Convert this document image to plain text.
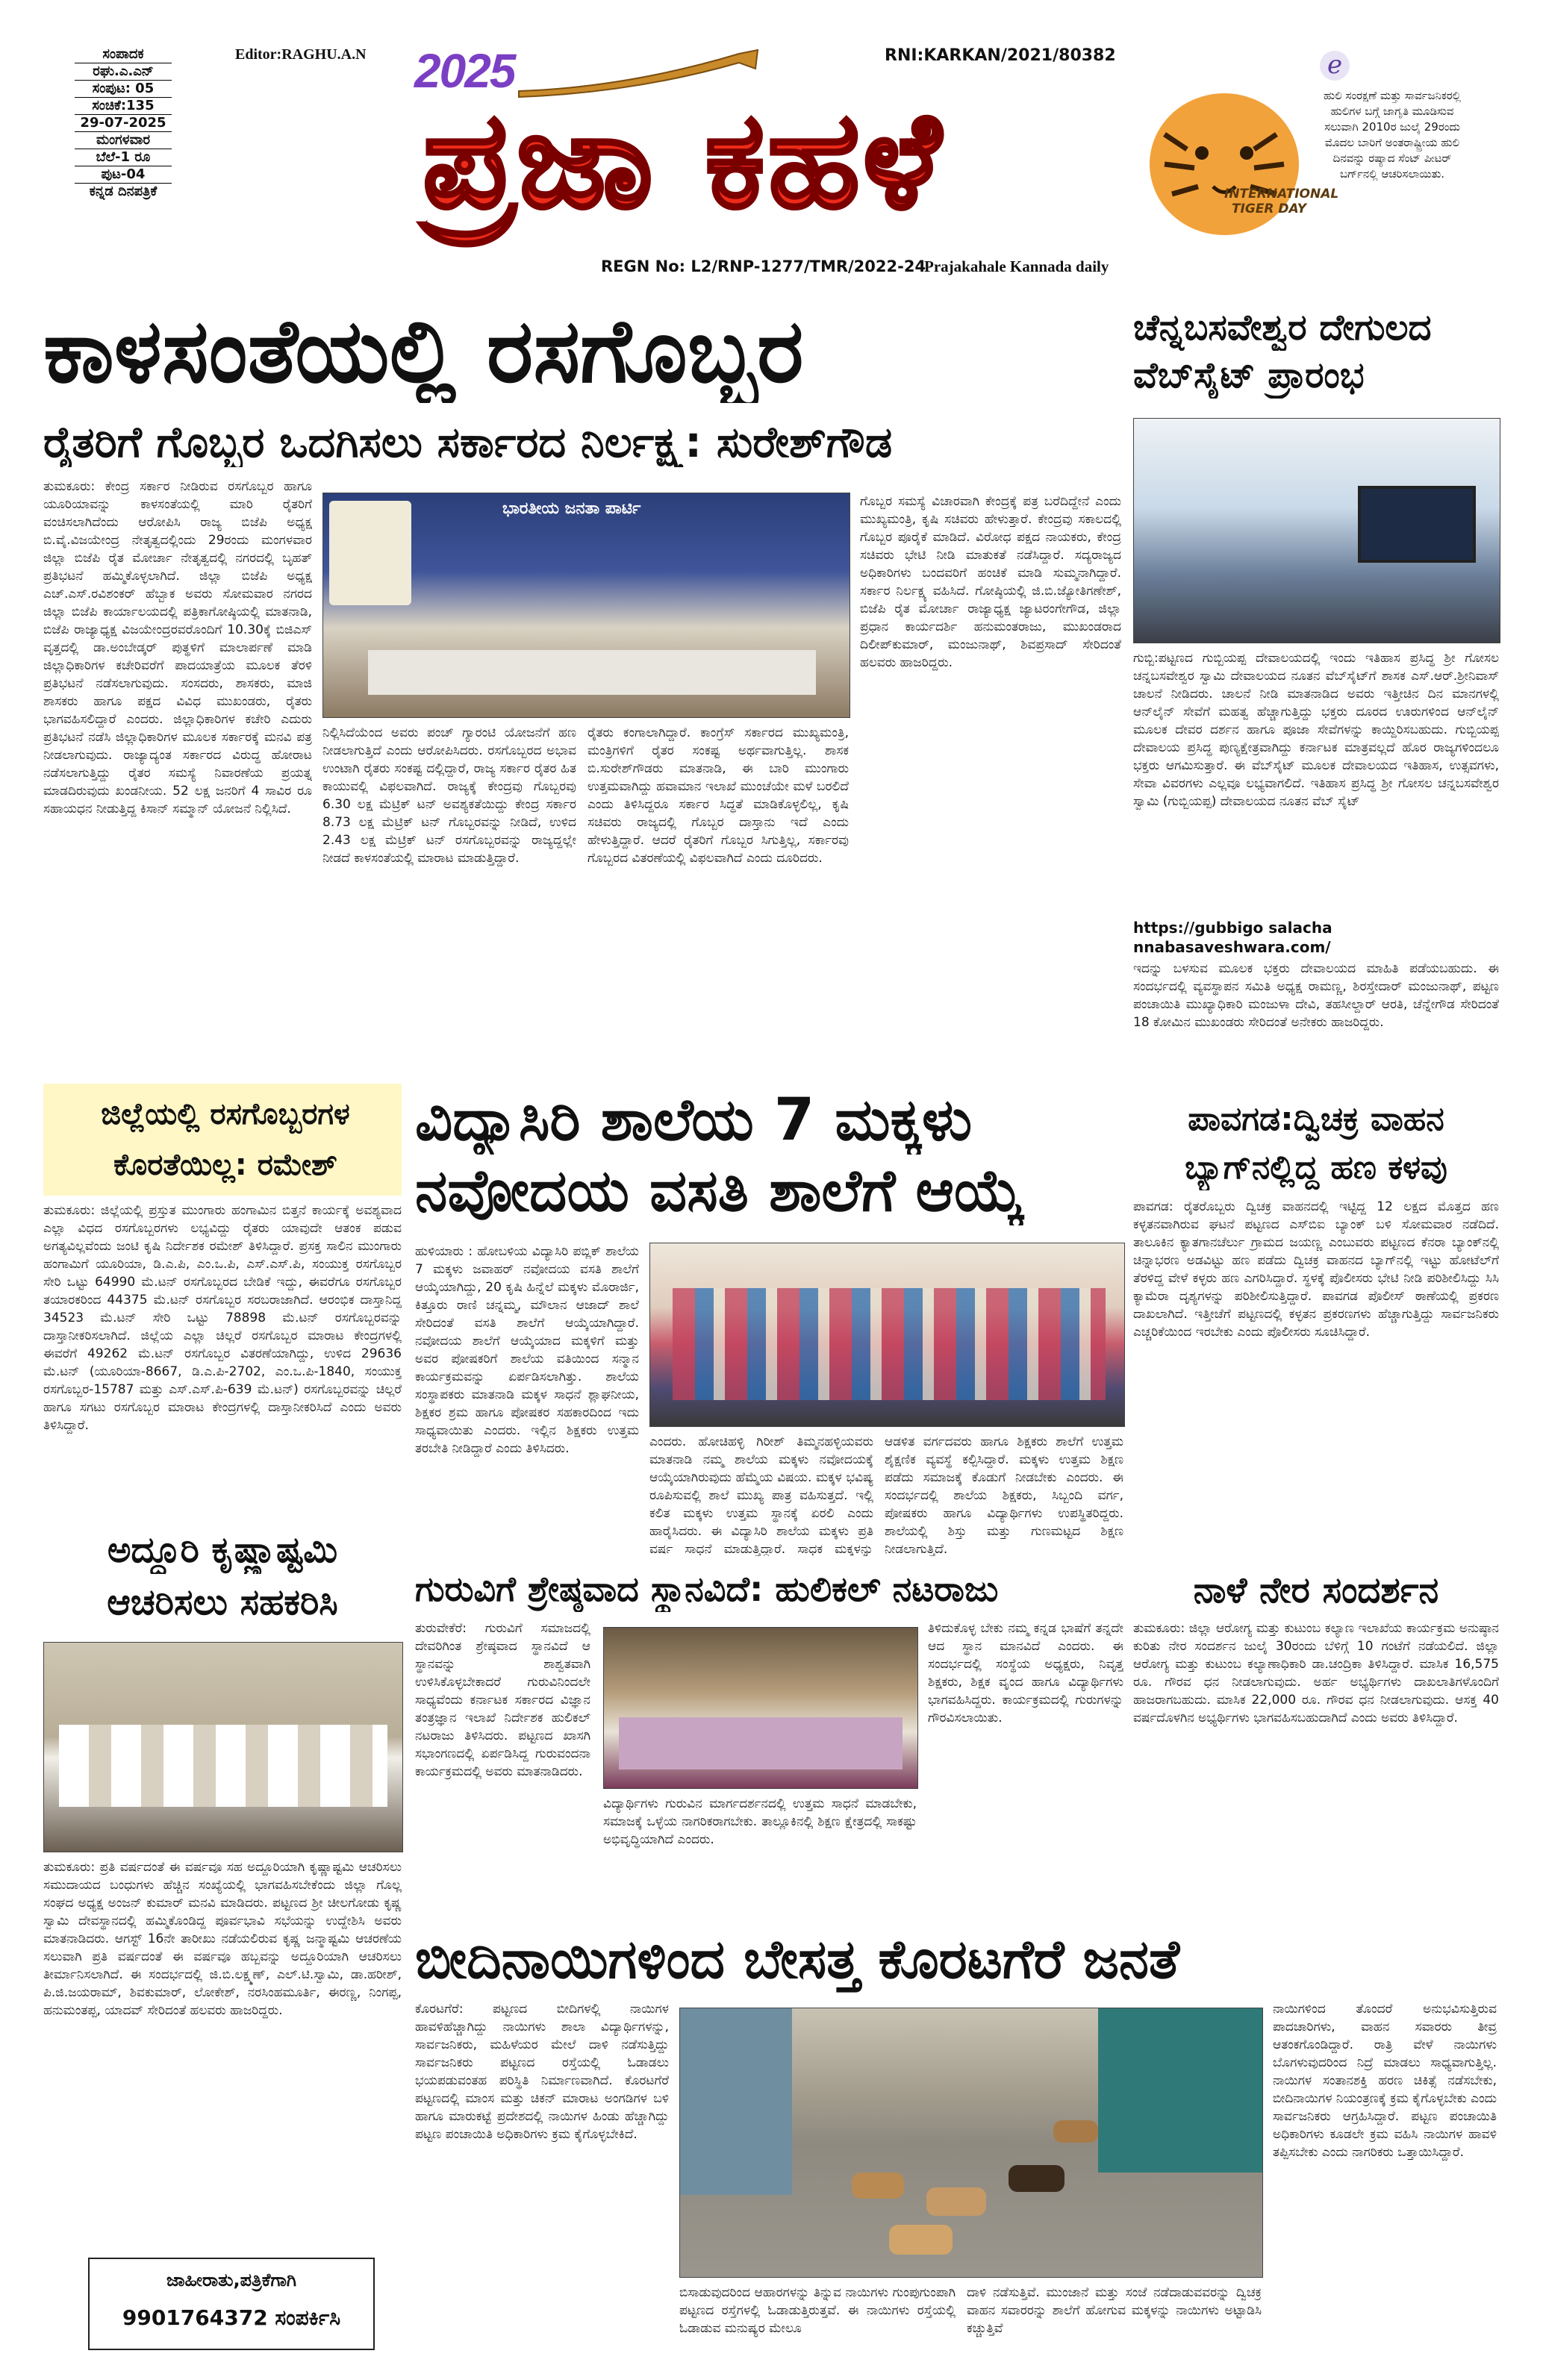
ಸಂಪಾದಕ
ರಘು.ಎ.ಎನ್
ಸಂಪುಟ: 05
ಸಂಚಿಕೆ:135
29-07-2025
ಮಂಗಳವಾರ
ಬೆಲೆ-1 ರೂ
ಪುಟ-04
ಕನ್ನಡ ದಿನಪತ್ರಿಕೆ
Editor:RAGHU.A.N 2025
ಪ್ರಜಾ ಕಹಳೆ
RNI:KARKAN/2021/80382
REGN No: L2/RNP-1277/TMR/2022-24
Prajakahale Kannada daily
e
INTERNATIONAL TIGER DAY
ಹುಲಿ ಸಂರಕ್ಷಣೆ ಮತ್ತು ಸಾರ್ವಜನಿಕರಲ್ಲಿ ಹುಲಿಗಳ ಬಗ್ಗೆ ಜಾಗೃತಿ ಮೂಡಿಸುವ ಸಲುವಾಗಿ 2010ರ ಜುಲೈ 29ರಂದು ಮೊದಲ ಬಾರಿಗೆ ಅಂತರಾಷ್ಟ್ರೀಯ ಹುಲಿ ದಿನವನ್ನು ರಷ್ಯಾದ ಸೆಂಟ್ ಪೀಟರ್ ಬರ್ಗ್‌ನಲ್ಲಿ ಆಚರಿಸಲಾಯಿತು.
ಕಾಳಸಂತೆಯಲ್ಲಿ ರಸಗೊಬ್ಬರ
ರೈತರಿಗೆ ಗೊಬ್ಬರ ಒದಗಿಸಲು ಸರ್ಕಾರದ ನಿರ್ಲಕ್ಷ್ಯ: ಸುರೇಶ್‌ಗೌಡ
ತುಮಕೂರು: ಕೇಂದ್ರ ಸರ್ಕಾರ ನೀಡಿರುವ ರಸಗೊಬ್ಬರ ಹಾಗೂ ಯೂರಿಯಾವನ್ನು ಕಾಳಸಂತೆಯಲ್ಲಿ ಮಾರಿ ರೈತರಿಗೆ ವಂಚಿಸಲಾಗಿದೆಂದು ಆರೋಪಿಸಿ ರಾಜ್ಯ ಬಿಜೆಪಿ ಅಧ್ಯಕ್ಷ ಬಿ.ವೈ.ವಿಜಯೇಂದ್ರ ನೇತೃತ್ವದಲ್ಲಿಂದು 29ರಂದು ಮಂಗಳವಾರ ಜಿಲ್ಲಾ ಬಿಜೆಪಿ ರೈತ ಮೋರ್ಚಾ ನೇತೃತ್ವದಲ್ಲಿ ನಗರದಲ್ಲಿ ಬೃಹತ್ ಪ್ರತಿಭಟನೆ ಹಮ್ಮಿಕೊಳ್ಳಲಾಗಿದೆ. ಜಿಲ್ಲಾ ಬಿಜೆಪಿ ಅಧ್ಯಕ್ಷ ಎಚ್.ಎಸ್.ರವಿಶಂಕರ್ ಹೆಬ್ಬಾಕ ಅವರು ಸೋಮವಾರ ನಗರದ ಜಿಲ್ಲಾ ಬಿಜೆಪಿ ಕಾರ್ಯಾಲಯದಲ್ಲಿ ಪತ್ರಿಕಾಗೋಷ್ಠಿಯಲ್ಲಿ ಮಾತನಾಡಿ, ಬಿಜೆಪಿ ರಾಜ್ಯಾಧ್ಯಕ್ಷ ವಿಜಯೇಂದ್ರರವರೊಂದಿಗೆ 10.30ಕ್ಕೆ ಬಿಜಿಎಸ್ ವೃತ್ತದಲ್ಲಿ ಡಾ.ಅಂಬೇಡ್ಕರ್ ಪುತ್ಥಳಿಗೆ ಮಾಲಾರ್ಪಣೆ ಮಾಡಿ ಜಿಲ್ಲಾಧಿಕಾರಿಗಳ ಕಚೇರಿವರೆಗೆ ಪಾದಯಾತ್ರೆಯ ಮೂಲಕ ತೆರಳಿ ಪ್ರತಿಭಟನೆ ನಡೆಸಲಾಗುವುದು. ಸಂಸದರು, ಶಾಸಕರು, ಮಾಜಿ ಶಾಸಕರು ಹಾಗೂ ಪಕ್ಷದ ವಿವಿಧ ಮುಖಂಡರು, ರೈತರು ಭಾಗವಹಿಸಲಿದ್ದಾರೆ ಎಂದರು. ಜಿಲ್ಲಾಧಿಕಾರಿಗಳ ಕಚೇರಿ ಎದುರು ಪ್ರತಿಭಟನೆ ನಡೆಸಿ ಜಿಲ್ಲಾಧಿಕಾರಿಗಳ ಮೂಲಕ ಸರ್ಕಾರಕ್ಕೆ ಮನವಿ ಪತ್ರ ನೀಡಲಾಗುವುದು. ರಾಜ್ಯಾದ್ಯಂತ ಸರ್ಕಾರದ ವಿರುದ್ಧ ಹೋರಾಟ ನಡೆಸಲಾಗುತ್ತಿದ್ದು ರೈತರ ಸಮಸ್ಯೆ ನಿವಾರಣೆಯ ಪ್ರಯತ್ನ ಮಾಡದಿರುವುದು ಖಂಡನೀಯ. 52 ಲಕ್ಷ ಜನರಿಗೆ 4 ಸಾವಿರ ರೂ ಸಹಾಯಧನ ನೀಡುತ್ತಿದ್ದ ಕಿಸಾನ್ ಸಮ್ಮಾನ್ ಯೋಜನೆ ನಿಲ್ಲಿಸಿದೆ.
ಭಾರತೀಯ ಜನತಾ ಪಾರ್ಟಿ
ನಿಲ್ಲಿಸಿದೆಯೆಂದ ಅವರು ಪಂಚ್ ಗ್ಯಾರಂಟಿ ಯೋಜನೆಗೆ ಹಣ ನೀಡಲಾಗುತ್ತಿದೆ ಎಂದು ಆರೋಪಿಸಿದರು. ರಸಗೊಬ್ಬರದ ಅಭಾವ ಉಂಟಾಗಿ ರೈತರು ಸಂಕಷ್ಟ ದಲ್ಲಿದ್ದಾರೆ, ರಾಜ್ಯ ಸರ್ಕಾರ ರೈತರ ಹಿತ ಕಾಯುವಲ್ಲಿ ವಿಫಲವಾಗಿದೆ. ರಾಜ್ಯಕ್ಕೆ ಕೇಂದ್ರವು ಗೊಬ್ಬರವು 6.30 ಲಕ್ಷ ಮೆಟ್ರಿಕ್ ಟನ್ ಅವಶ್ಯಕತೆಯಿದ್ದು ಕೇಂದ್ರ ಸರ್ಕಾರ 8.73 ಲಕ್ಷ ಮೆಟ್ರಿಕ್ ಟನ್ ಗೊಬ್ಬರವನ್ನು ನೀಡಿದೆ, ಉಳಿದ 2.43 ಲಕ್ಷ ಮೆಟ್ರಿಕ್ ಟನ್ ರಸಗೊಬ್ಬರವನ್ನು ರಾಜ್ಯದ್ದಲ್ಲೇ ನೀಡದೆ ಕಾಳಸಂತೆಯಲ್ಲಿ ಮಾರಾಟ ಮಾಡುತ್ತಿದ್ದಾರೆ.
ರೈತರು ಕಂಗಾಲಾಗಿದ್ದಾರೆ. ಕಾಂಗ್ರೆಸ್ ಸರ್ಕಾರದ ಮುಖ್ಯಮಂತ್ರಿ, ಮಂತ್ರಿಗಳಿಗೆ ರೈತರ ಸಂಕಷ್ಟ ಅರ್ಥವಾಗುತ್ತಿಲ್ಲ. ಶಾಸಕ ಬಿ.ಸುರೇಶ್‌ಗೌಡರು ಮಾತನಾಡಿ, ಈ ಬಾರಿ ಮುಂಗಾರು ಉತ್ತಮವಾಗಿದ್ದು ಹವಾಮಾನ ಇಲಾಖೆ ಮುಂಚೆಯೇ ಮಳೆ ಬರಲಿದೆ ಎಂದು ತಿಳಿಸಿದ್ದರೂ ಸರ್ಕಾರ ಸಿದ್ಧತೆ ಮಾಡಿಕೊಳ್ಳಲಿಲ್ಲ, ಕೃಷಿ ಸಚಿವರು ರಾಜ್ಯದಲ್ಲಿ ಗೊಬ್ಬರ ದಾಸ್ತಾನು ಇದೆ ಎಂದು ಹೇಳುತ್ತಿದ್ದಾರೆ. ಆದರೆ ರೈತರಿಗೆ ಗೊಬ್ಬರ ಸಿಗುತ್ತಿಲ್ಲ, ಸರ್ಕಾರವು ಗೊಬ್ಬರದ ವಿತರಣೆಯಲ್ಲಿ ವಿಫಲವಾಗಿದೆ ಎಂದು ದೂರಿದರು.
ಗೊಬ್ಬರ ಸಮಸ್ಯೆ ವಿಚಾರವಾಗಿ ಕೇಂದ್ರಕ್ಕೆ ಪತ್ರ ಬರೆದಿದ್ದೇನೆ ಎಂದು ಮುಖ್ಯಮಂತ್ರಿ, ಕೃಷಿ ಸಚಿವರು ಹೇಳುತ್ತಾರೆ. ಕೇಂದ್ರವು ಸಕಾಲದಲ್ಲಿ ಗೊಬ್ಬರ ಪೂರೈಕೆ ಮಾಡಿದೆ. ವಿರೋಧ ಪಕ್ಷದ ನಾಯಕರು, ಕೇಂದ್ರ ಸಚಿವರು ಭೇಟಿ ನೀಡಿ ಮಾತುಕತೆ ನಡೆಸಿದ್ದಾರೆ. ಸದ್ಯರಾಜ್ಯದ ಅಧಿಕಾರಿಗಳು ಬಂದವರಿಗೆ ಹಂಚಿಕೆ ಮಾಡಿ ಸುಮ್ಮನಾಗಿದ್ದಾರೆ. ಸರ್ಕಾರ ನಿರ್ಲಕ್ಷ್ಯ ವಹಿಸಿದೆ. ಗೋಷ್ಠಿಯಲ್ಲಿ ಜಿ.ಬಿ.ಜ್ಯೋತಿಗಣೇಶ್, ಬಿಜೆಪಿ ರೈತ ಮೋರ್ಚಾ ರಾಜ್ಯಾಧ್ಯಕ್ಷ ಜ್ಯಾಟರಂಗೇಗೌಡ, ಜಿಲ್ಲಾ ಪ್ರಧಾನ ಕಾರ್ಯದರ್ಶಿ ಹನುಮಂತರಾಜು, ಮುಖಂಡರಾದ ದಿಲೀಪ್‌ಕುಮಾರ್, ಮಂಜುನಾಥ್, ಶಿವಪ್ರಸಾದ್ ಸೇರಿದಂತೆ ಹಲವರು ಹಾಜರಿದ್ದರು.
ಚೆನ್ನಬಸವೇಶ್ವರ ದೇಗುಲದ
ವೆಬ್‌ಸೈಟ್ ಪ್ರಾರಂಭ
ಗುಬ್ಬಿ:ಪಟ್ಟಣದ ಗುಬ್ಬಿಯಪ್ಪ ದೇವಾಲಯದಲ್ಲಿ ಇಂದು ಇತಿಹಾಸ ಪ್ರಸಿದ್ಧ ಶ್ರೀ ಗೋಸಲ ಚನ್ನಬಸವೇಶ್ವರ ಸ್ವಾಮಿ ದೇವಾಲಯದ ನೂತನ ವೆಬ್‌ಸೈಟ್‌ಗೆ ಶಾಸಕ ಎಸ್.ಆರ್.ಶ್ರೀನಿವಾಸ್ ಚಾಲನೆ ನೀಡಿದರು. ಚಾಲನೆ ನೀಡಿ ಮಾತನಾಡಿದ ಅವರು ಇತ್ತೀಚಿನ ದಿನ ಮಾನಗಳಲ್ಲಿ ಆನ್‌ಲೈನ್ ಸೇವೆಗೆ ಮಹತ್ವ ಹೆಚ್ಚಾಗುತ್ತಿದ್ದು ಭಕ್ತರು ದೂರದ ಊರುಗಳಿಂದ ಆನ್‌ಲೈನ್ ಮೂಲಕ ದೇವರ ದರ್ಶನ ಹಾಗೂ ಪೂಜಾ ಸೇವೆಗಳನ್ನು ಕಾಯ್ದಿರಿಸಬಹುದು. ಗುಬ್ಬಿಯಪ್ಪ ದೇವಾಲಯ ಪ್ರಸಿದ್ಧ ಪುಣ್ಯಕ್ಷೇತ್ರವಾಗಿದ್ದು ಕರ್ನಾಟಕ ಮಾತ್ರವಲ್ಲದೆ ಹೊರ ರಾಜ್ಯಗಳಿಂದಲೂ ಭಕ್ತರು ಆಗಮಿಸುತ್ತಾರೆ. ಈ ವೆಬ್‌ಸೈಟ್ ಮೂಲಕ ದೇವಾಲಯದ ಇತಿಹಾಸ, ಉತ್ಸವಗಳು, ಸೇವಾ ವಿವರಗಳು ಎಲ್ಲವೂ ಲಭ್ಯವಾಗಲಿದೆ. ಇತಿಹಾಸ ಪ್ರಸಿದ್ಧ ಶ್ರೀ ಗೋಸಲ ಚನ್ನಬಸವೇಶ್ವರ ಸ್ವಾಮಿ (ಗುಬ್ಬಿಯಪ್ಪ) ದೇವಾಲಯದ ನೂತನ ವೆಬ್ ಸೈಟ್
https://gubbigo salacha nnabasaveshwara.com/
ಇದನ್ನು ಬಳಸುವ ಮೂಲಕ ಭಕ್ತರು ದೇವಾಲಯದ ಮಾಹಿತಿ ಪಡೆಯಬಹುದು. ಈ ಸಂದರ್ಭದಲ್ಲಿ ವ್ಯವಸ್ಥಾಪನ ಸಮಿತಿ ಅಧ್ಯಕ್ಷ ರಾಮಣ್ಣ, ಶಿರಸ್ತೇದಾರ್ ಮಂಜುನಾಥ್, ಪಟ್ಟಣ ಪಂಚಾಯಿತಿ ಮುಖ್ಯಾಧಿಕಾರಿ ಮಂಜುಳಾ ದೇವಿ, ತಹಸೀಲ್ದಾರ್ ಆರತಿ, ಚೆನ್ನೇಗೌಡ ಸೇರಿದಂತೆ 18 ಕೋಮಿನ ಮುಖಂಡರು ಸೇರಿದಂತೆ ಅನೇಕರು ಹಾಜರಿದ್ದರು.
ಜಿಲ್ಲೆಯಲ್ಲಿ ರಸಗೊಬ್ಬರಗಳ
ಕೊರತೆಯಿಲ್ಲ: ರಮೇಶ್
ತುಮಕೂರು: ಜಿಲ್ಲೆಯಲ್ಲಿ ಪ್ರಸ್ತುತ ಮುಂಗಾರು ಹಂಗಾಮಿನ ಬಿತ್ತನೆ ಕಾರ್ಯಕ್ಕೆ ಅವಶ್ಯವಾದ ಎಲ್ಲಾ ವಿಧದ ರಸಗೊಬ್ಬರಗಳು ಲಭ್ಯವಿದ್ದು ರೈತರು ಯಾವುದೇ ಆತಂಕ ಪಡುವ ಅಗತ್ಯವಿಲ್ಲವೆಂದು ಜಂಟಿ ಕೃಷಿ ನಿರ್ದೇಶಕ ರಮೇಶ್ ತಿಳಿಸಿದ್ದಾರೆ. ಪ್ರಸಕ್ತ ಸಾಲಿನ ಮುಂಗಾರು ಹಂಗಾಮಿಗೆ ಯೂರಿಯಾ, ಡಿ.ಎ.ಪಿ, ಎಂ.ಒ.ಪಿ, ಎಸ್.ಎಸ್.ಪಿ, ಸಂಯುಕ್ತ ರಸಗೊಬ್ಬರ ಸೇರಿ ಒಟ್ಟು 64990 ಮೆ.ಟನ್ ರಸಗೊಬ್ಬರದ ಬೇಡಿಕೆ ಇದ್ದು, ಈವರೆಗೂ ರಸಗೊಬ್ಬರ ತಯಾರಕರಿಂದ 44375 ಮೆ.ಟನ್ ರಸಗೊಬ್ಬರ ಸರಬರಾಜಾಗಿದೆ. ಆರಂಭಿಕ ದಾಸ್ತಾನಿದ್ದ 34523 ಮೆ.ಟನ್ ಸೇರಿ ಒಟ್ಟು 78898 ಮೆ.ಟನ್ ರಸಗೊಬ್ಬರವನ್ನು ದಾಸ್ತಾನೀಕರಿಸಲಾಗಿದೆ. ಜಿಲ್ಲೆಯ ಎಲ್ಲಾ ಚಿಲ್ಲರೆ ರಸಗೊಬ್ಬರ ಮಾರಾಟ ಕೇಂದ್ರಗಳಲ್ಲಿ ಈವರೆಗೆ 49262 ಮೆ.ಟನ್ ರಸಗೊಬ್ಬರ ವಿತರಣೆಯಾಗಿದ್ದು, ಉಳಿದ 29636 ಮೆ.ಟನ್ (ಯೂರಿಯಾ-8667, ಡಿ.ಎ.ಪಿ-2702, ಎಂ.ಒ.ಪಿ-1840, ಸಂಯುಕ್ತ ರಸಗೊಬ್ಬರ-15787 ಮತ್ತು ಎಸ್.ಎಸ್.ಪಿ-639 ಮೆ.ಟನ್) ರಸಗೊಬ್ಬರವನ್ನು ಚಿಲ್ಲರೆ ಹಾಗೂ ಸಗಟು ರಸಗೊಬ್ಬರ ಮಾರಾಟ ಕೇಂದ್ರಗಳಲ್ಲಿ ದಾಸ್ತಾನೀಕರಿಸಿದೆ ಎಂದು ಅವರು ತಿಳಿಸಿದ್ದಾರೆ.
ಅದ್ದೂರಿ ಕೃಷ್ಣಾಷ್ಟಮಿ
ಆಚರಿಸಲು ಸಹಕರಿಸಿ
ತುಮಕೂರು: ಪ್ರತಿ ವರ್ಷದಂತೆ ಈ ವರ್ಷವೂ ಸಹ ಅದ್ದೂರಿಯಾಗಿ ಕೃಷ್ಣಾಷ್ಟಮಿ ಆಚರಿಸಲು ಸಮುದಾಯದ ಬಂಧುಗಳು ಹೆಚ್ಚಿನ ಸಂಖ್ಯೆಯಲ್ಲಿ ಭಾಗವಹಿಸಬೇಕೆಂದು ಜಿಲ್ಲಾ ಗೊಲ್ಲ ಸಂಘದ ಅಧ್ಯಕ್ಷ ಅಂಜನ್ ಕುಮಾರ್ ಮನವಿ ಮಾಡಿದರು. ಪಟ್ಟಣದ ಶ್ರೀ ಚೀಲಗೋಡು ಕೃಷ್ಣ ಸ್ವಾಮಿ ದೇವಸ್ಥಾನದಲ್ಲಿ ಹಮ್ಮಿಕೊಂಡಿದ್ದ ಪೂರ್ವಭಾವಿ ಸಭೆಯನ್ನು ಉದ್ದೇಶಿಸಿ ಅವರು ಮಾತನಾಡಿದರು. ಆಗಸ್ಟ್ 16ನೇ ತಾರೀಖು ನಡೆಯಲಿರುವ ಕೃಷ್ಣ ಜನ್ಮಾಷ್ಟಮಿ ಆಚರಣೆಯ ಸಲುವಾಗಿ ಪ್ರತಿ ವರ್ಷದಂತೆ ಈ ವರ್ಷವೂ ಹಬ್ಬವನ್ನು ಅದ್ದೂರಿಯಾಗಿ ಆಚರಿಸಲು ತೀರ್ಮಾನಿಸಲಾಗಿದೆ. ಈ ಸಂದರ್ಭದಲ್ಲಿ ಜಿ.ಬಿ.ಲಕ್ಷ್ಮಣ್, ಎಲ್.ಟಿ.ಸ್ವಾಮಿ, ಡಾ.ಹರೀಶ್, ಪಿ.ಜಿ.ಜಯರಾಮ್, ಶಿವಕುಮಾರ್, ಲೋಕೇಶ್, ನರಸಿಂಹಮೂರ್ತಿ, ಈರಣ್ಣ, ನಿಂಗಪ್ಪ, ಹನುಮಂತಪ್ಪ, ಯಾದವ್ ಸೇರಿದಂತೆ ಹಲವರು ಹಾಜರಿದ್ದರು.
ಜಾಹೀರಾತು,ಪತ್ರಿಕೆಗಾಗಿ
9901764372 ಸಂಪರ್ಕಿಸಿ
ವಿದ್ಯಾಸಿರಿ ಶಾಲೆಯ 7 ಮಕ್ಕಳು
ನವೋದಯ ವಸತಿ ಶಾಲೆಗೆ ಆಯ್ಕೆ
ಹುಳಿಯಾರು : ಹೋಬಳಿಯ ವಿದ್ಯಾಸಿರಿ ಪಬ್ಲಿಕ್ ಶಾಲೆಯ 7 ಮಕ್ಕಳು ಜವಾಹರ್ ನವೋದಯ ವಸತಿ ಶಾಲೆಗೆ ಆಯ್ಕೆಯಾಗಿದ್ದು, 20 ಕೃಷಿ ಹಿನ್ನೆಲೆ ಮಕ್ಕಳು ಮೊರಾರ್ಜಿ, ಕಿತ್ತೂರು ರಾಣಿ ಚನ್ನಮ್ಮ, ಮೌಲಾನ ಆಜಾದ್ ಶಾಲೆ ಸೇರಿದಂತೆ ವಸತಿ ಶಾಲೆಗೆ ಆಯ್ಕೆಯಾಗಿದ್ದಾರೆ. ನವೋದಯ ಶಾಲೆಗೆ ಆಯ್ಕೆಯಾದ ಮಕ್ಕಳಿಗೆ ಮತ್ತು ಅವರ ಪೋಷಕರಿಗೆ ಶಾಲೆಯ ವತಿಯಿಂದ ಸನ್ಮಾನ ಕಾರ್ಯಕ್ರಮವನ್ನು ಏರ್ಪಡಿಸಲಾಗಿತ್ತು. ಶಾಲೆಯ ಸಂಸ್ಥಾಪಕರು ಮಾತನಾಡಿ ಮಕ್ಕಳ ಸಾಧನೆ ಶ್ಲಾಘನೀಯ, ಶಿಕ್ಷಕರ ಶ್ರಮ ಹಾಗೂ ಪೋಷಕರ ಸಹಕಾರದಿಂದ ಇದು ಸಾಧ್ಯವಾಯಿತು ಎಂದರು. ಇಲ್ಲಿನ ಶಿಕ್ಷಕರು ಉತ್ತಮ ತರಬೇತಿ ನೀಡಿದ್ದಾರೆ ಎಂದು ತಿಳಿಸಿದರು.	ಎಂದರು. ಹೋಚಿಹಳ್ಳಿ ಗಿರೀಶ್ ತಿಮ್ಮನಹಳ್ಳಿಯವರು ಮಾತನಾಡಿ ನಮ್ಮ ಶಾಲೆಯ ಮಕ್ಕಳು ನವೋದಯಕ್ಕೆ ಆಯ್ಕೆಯಾಗಿರುವುದು ಹೆಮ್ಮೆಯ ವಿಷಯ. ಮಕ್ಕಳ ಭವಿಷ್ಯ ರೂಪಿಸುವಲ್ಲಿ ಶಾಲೆ ಮುಖ್ಯ ಪಾತ್ರ ವಹಿಸುತ್ತದೆ. ಇಲ್ಲಿ ಕಲಿತ ಮಕ್ಕಳು ಉತ್ತಮ ಸ್ಥಾನಕ್ಕೆ ಏರಲಿ ಎಂದು ಹಾರೈಸಿದರು. ಈ ವಿದ್ಯಾಸಿರಿ ಶಾಲೆಯ ಮಕ್ಕಳು ಪ್ರತಿ ವರ್ಷ ಸಾಧನೆ ಮಾಡುತ್ತಿದ್ದಾರೆ. ಸಾಧಕ ಮಕ್ಕಳನ್ನು
ಆಡಳಿತ ವರ್ಗದವರು ಹಾಗೂ ಶಿಕ್ಷಕರು ಶಾಲೆಗೆ ಉತ್ತಮ ಶೈಕ್ಷಣಿಕ ವ್ಯವಸ್ಥೆ ಕಲ್ಪಿಸಿದ್ದಾರೆ. ಮಕ್ಕಳು ಉತ್ತಮ ಶಿಕ್ಷಣ ಪಡೆದು ಸಮಾಜಕ್ಕೆ ಕೊಡುಗೆ ನೀಡಬೇಕು ಎಂದರು. ಈ ಸಂದರ್ಭದಲ್ಲಿ ಶಾಲೆಯ ಶಿಕ್ಷಕರು, ಸಿಬ್ಬಂದಿ ವರ್ಗ, ಪೋಷಕರು ಹಾಗೂ ವಿದ್ಯಾರ್ಥಿಗಳು ಉಪಸ್ಥಿತರಿದ್ದರು. ಶಾಲೆಯಲ್ಲಿ ಶಿಸ್ತು ಮತ್ತು ಗುಣಮಟ್ಟದ ಶಿಕ್ಷಣ ನೀಡಲಾಗುತ್ತಿದೆ.
ಪಾವಗಡ:ದ್ವಿಚಕ್ರ ವಾಹನ
ಬ್ಯಾಗ್‌ನಲ್ಲಿದ್ದ ಹಣ ಕಳವು
ಪಾವಗಡ: ರೈತರೊಬ್ಬರು ದ್ವಿಚಕ್ರ ವಾಹನದಲ್ಲಿ ಇಟ್ಟಿದ್ದ 12 ಲಕ್ಷದ ಮೊತ್ತದ ಹಣ ಕಳ್ಳತನವಾಗಿರುವ ಘಟನೆ ಪಟ್ಟಣದ ಎಸ್‌ಬಿಐ ಬ್ಯಾಂಕ್ ಬಳಿ ಸೋಮವಾರ ನಡೆದಿದೆ. ತಾಲೂಕಿನ ಕ್ಯಾತಗಾನಚೆರ್ಲು ಗ್ರಾಮದ ಜಯಣ್ಣ ಎಂಬುವರು ಪಟ್ಟಣದ ಕೆನರಾ ಬ್ಯಾಂಕ್‌ನಲ್ಲಿ ಚಿನ್ನಾಭರಣ ಅಡವಿಟ್ಟು ಹಣ ಪಡೆದು ದ್ವಿಚಕ್ರ ವಾಹನದ ಬ್ಯಾಗ್‌ನಲ್ಲಿ ಇಟ್ಟು ಹೋಟೆಲ್‌ಗೆ ತೆರಳಿದ್ದ ವೇಳೆ ಕಳ್ಳರು ಹಣ ಎಗರಿಸಿದ್ದಾರೆ. ಸ್ಥಳಕ್ಕೆ ಪೊಲೀಸರು ಭೇಟಿ ನೀಡಿ ಪರಿಶೀಲಿಸಿದ್ದು ಸಿಸಿ ಕ್ಯಾಮೆರಾ ದೃಶ್ಯಗಳನ್ನು ಪರಿಶೀಲಿಸುತ್ತಿದ್ದಾರೆ. ಪಾವಗಡ ಪೊಲೀಸ್ ಠಾಣೆಯಲ್ಲಿ ಪ್ರಕರಣ ದಾಖಲಾಗಿದೆ. ಇತ್ತೀಚೆಗೆ ಪಟ್ಟಣದಲ್ಲಿ ಕಳ್ಳತನ ಪ್ರಕರಣಗಳು ಹೆಚ್ಚಾಗುತ್ತಿದ್ದು ಸಾರ್ವಜನಿಕರು ಎಚ್ಚರಿಕೆಯಿಂದ ಇರಬೇಕು ಎಂದು ಪೊಲೀಸರು ಸೂಚಿಸಿದ್ದಾರೆ.
ಗುರುವಿಗೆ ಶ್ರೇಷ್ಠವಾದ ಸ್ಥಾನವಿದೆ: ಹುಲಿಕಲ್ ನಟರಾಜು
ತುರುವೇಕೆರೆ: ಗುರುವಿಗೆ ಸಮಾಜದಲ್ಲಿ ದೇವರಿಗಿಂತ ಶ್ರೇಷ್ಠವಾದ ಸ್ಥಾನವಿದೆ ಆ ಸ್ಥಾನವನ್ನು ಶಾಶ್ವತವಾಗಿ ಉಳಿಸಿಕೊಳ್ಳಬೇಕಾದರೆ ಗುರುವಿನಿಂದಲೇ ಸಾಧ್ಯವೆಂದು ಕರ್ನಾಟಕ ಸರ್ಕಾರದ ವಿಜ್ಞಾನ ತಂತ್ರಜ್ಞಾನ ಇಲಾಖೆ ನಿರ್ದೇಶಕ ಹುಲಿಕಲ್ ನಟರಾಜು ತಿಳಿಸಿದರು. ಪಟ್ಟಣದ ಖಾಸಗಿ ಸಭಾಂಗಣದಲ್ಲಿ ಏರ್ಪಡಿಸಿದ್ದ ಗುರುವಂದನಾ ಕಾರ್ಯಕ್ರಮದಲ್ಲಿ ಅವರು ಮಾತನಾಡಿದರು.
ವಿದ್ಯಾರ್ಥಿಗಳು ಗುರುವಿನ ಮಾರ್ಗದರ್ಶನದಲ್ಲಿ ಉತ್ತಮ ಸಾಧನೆ ಮಾಡಬೇಕು, ಸಮಾಜಕ್ಕೆ ಒಳ್ಳೆಯ ನಾಗರಿಕರಾಗಬೇಕು. ತಾಲ್ಲೂಕಿನಲ್ಲಿ ಶಿಕ್ಷಣ ಕ್ಷೇತ್ರದಲ್ಲಿ ಸಾಕಷ್ಟು ಅಭಿವೃದ್ಧಿಯಾಗಿದೆ ಎಂದರು.
ತಿಳಿದುಕೊಳ್ಳ ಬೇಕು ನಮ್ಮ ಕನ್ನಡ ಭಾಷೆಗೆ ತನ್ನದೇ ಆದ ಸ್ಥಾನ ಮಾನವಿದೆ ಎಂದರು. ಈ ಸಂದರ್ಭದಲ್ಲಿ ಸಂಸ್ಥೆಯ ಅಧ್ಯಕ್ಷರು, ನಿವೃತ್ತ ಶಿಕ್ಷಕರು, ಶಿಕ್ಷಕ ವೃಂದ ಹಾಗೂ ವಿದ್ಯಾರ್ಥಿಗಳು ಭಾಗವಹಿಸಿದ್ದರು. ಕಾರ್ಯಕ್ರಮದಲ್ಲಿ ಗುರುಗಳನ್ನು ಗೌರವಿಸಲಾಯಿತು.
ನಾಳೆ ನೇರ ಸಂದರ್ಶನ
ತುಮಕೂರು: ಜಿಲ್ಲಾ ಆರೋಗ್ಯ ಮತ್ತು ಕುಟುಂಬ ಕಲ್ಯಾಣ ಇಲಾಖೆಯ ಕಾರ್ಯಕ್ರಮ ಅನುಷ್ಠಾನ ಕುರಿತು ನೇರ ಸಂದರ್ಶನ ಜುಲೈ 30ರಂದು ಬೆಳಿಗ್ಗೆ 10 ಗಂಟೆಗೆ ನಡೆಯಲಿದೆ. ಜಿಲ್ಲಾ ಆರೋಗ್ಯ ಮತ್ತು ಕುಟುಂಬ ಕಲ್ಯಾಣಾಧಿಕಾರಿ ಡಾ.ಚಂದ್ರಿಕಾ ತಿಳಿಸಿದ್ದಾರೆ. ಮಾಸಿಕ 16,575 ರೂ. ಗೌರವ ಧನ ನೀಡಲಾಗುವುದು. ಅರ್ಹ ಅಭ್ಯರ್ಥಿಗಳು ದಾಖಲಾತಿಗಳೊಂದಿಗೆ ಹಾಜರಾಗಬಹುದು. ಮಾಸಿಕ 22,000 ರೂ. ಗೌರವ ಧನ ನೀಡಲಾಗುವುದು. ಆಸಕ್ತ 40 ವರ್ಷದೊಳಗಿನ ಅಭ್ಯರ್ಥಿಗಳು ಭಾಗವಹಿಸಬಹುದಾಗಿದೆ ಎಂದು ಅವರು ತಿಳಿಸಿದ್ದಾರೆ.
ಬೀದಿನಾಯಿಗಳಿಂದ ಬೇಸತ್ತ ಕೊರಟಗೆರೆ ಜನತೆ
ಕೊರಟಗೆರೆ: ಪಟ್ಟಣದ ಬೀದಿಗಳಲ್ಲಿ ನಾಯಿಗಳ ಹಾವಳಿಹೆಚ್ಚಾಗಿದ್ದು ನಾಯಿಗಳು ಶಾಲಾ ವಿದ್ಯಾರ್ಥಿಗಳನ್ನು, ಸಾರ್ವಜನಿಕರು, ಮಹಿಳೆಯರ ಮೇಲೆ ದಾಳಿ ನಡೆಸುತ್ತಿದ್ದು ಸಾರ್ವಜನಿಕರು ಪಟ್ಟಣದ ರಸ್ತೆಯಲ್ಲಿ ಓಡಾಡಲು ಭಯಪಡುವಂತಹ ಪರಿಸ್ಥಿತಿ ನಿರ್ಮಾಣವಾಗಿದೆ. ಕೊರಟಗೆರೆ ಪಟ್ಟಣದಲ್ಲಿ ಮಾಂಸ ಮತ್ತು ಚಿಕನ್ ಮಾರಾಟ ಅಂಗಡಿಗಳ ಬಳಿ ಹಾಗೂ ಮಾರುಕಟ್ಟೆ ಪ್ರದೇಶದಲ್ಲಿ ನಾಯಿಗಳ ಹಿಂಡು ಹೆಚ್ಚಾಗಿದ್ದು ಪಟ್ಟಣ ಪಂಚಾಯಿತಿ ಅಧಿಕಾರಿಗಳು ಕ್ರಮ ಕೈಗೊಳ್ಳಬೇಕಿದೆ.
ಬಿಸಾಡುವುದರಿಂದ ಆಹಾರಗಳನ್ನು ತಿನ್ನುವ ನಾಯಿಗಳು ಗುಂಪುಗುಂಪಾಗಿ ಪಟ್ಟಣದ ರಸ್ತೆಗಳಲ್ಲಿ ಓಡಾಡುತ್ತಿರುತ್ತವೆ. ಈ ನಾಯಿಗಳು ರಸ್ತೆಯಲ್ಲಿ ಓಡಾಡುವ ಮನುಷ್ಯರ ಮೇಲೂ
ದಾಳಿ ನಡೆಸುತ್ತಿವೆ. ಮುಂಜಾನೆ ಮತ್ತು ಸಂಜೆ ನಡೆದಾಡುವವರನ್ನು ದ್ವಿಚಕ್ರ ವಾಹನ ಸವಾರರನ್ನು ಶಾಲೆಗೆ ಹೋಗುವ ಮಕ್ಕಳನ್ನು ನಾಯಿಗಳು ಅಟ್ಟಾಡಿಸಿ ಕಚ್ಚುತ್ತಿವೆ
ನಾಯಿಗಳಿಂದ ತೊಂದರೆ ಅನುಭವಿಸುತ್ತಿರುವ ಪಾದಚಾರಿಗಳು, ವಾಹನ ಸವಾರರು ತೀವ್ರ ಆತಂಕಗೊಂಡಿದ್ದಾರೆ. ರಾತ್ರಿ ವೇಳೆ ನಾಯಿಗಳು ಬೊಗಳುವುದರಿಂದ ನಿದ್ರೆ ಮಾಡಲು ಸಾಧ್ಯವಾಗುತ್ತಿಲ್ಲ. ನಾಯಿಗಳ ಸಂತಾನಶಕ್ತಿ ಹರಣ ಚಿಕಿತ್ಸೆ ನಡೆಸಬೇಕು, ಬೀದಿನಾಯಿಗಳ ನಿಯಂತ್ರಣಕ್ಕೆ ಕ್ರಮ ಕೈಗೊಳ್ಳಬೇಕು ಎಂದು ಸಾರ್ವಜನಿಕರು ಆಗ್ರಹಿಸಿದ್ದಾರೆ. ಪಟ್ಟಣ ಪಂಚಾಯಿತಿ ಅಧಿಕಾರಿಗಳು ಕೂಡಲೇ ಕ್ರಮ ವಹಿಸಿ ನಾಯಿಗಳ ಹಾವಳಿ ತಪ್ಪಿಸಬೇಕು ಎಂದು ನಾಗರಿಕರು ಒತ್ತಾಯಿಸಿದ್ದಾರೆ.
